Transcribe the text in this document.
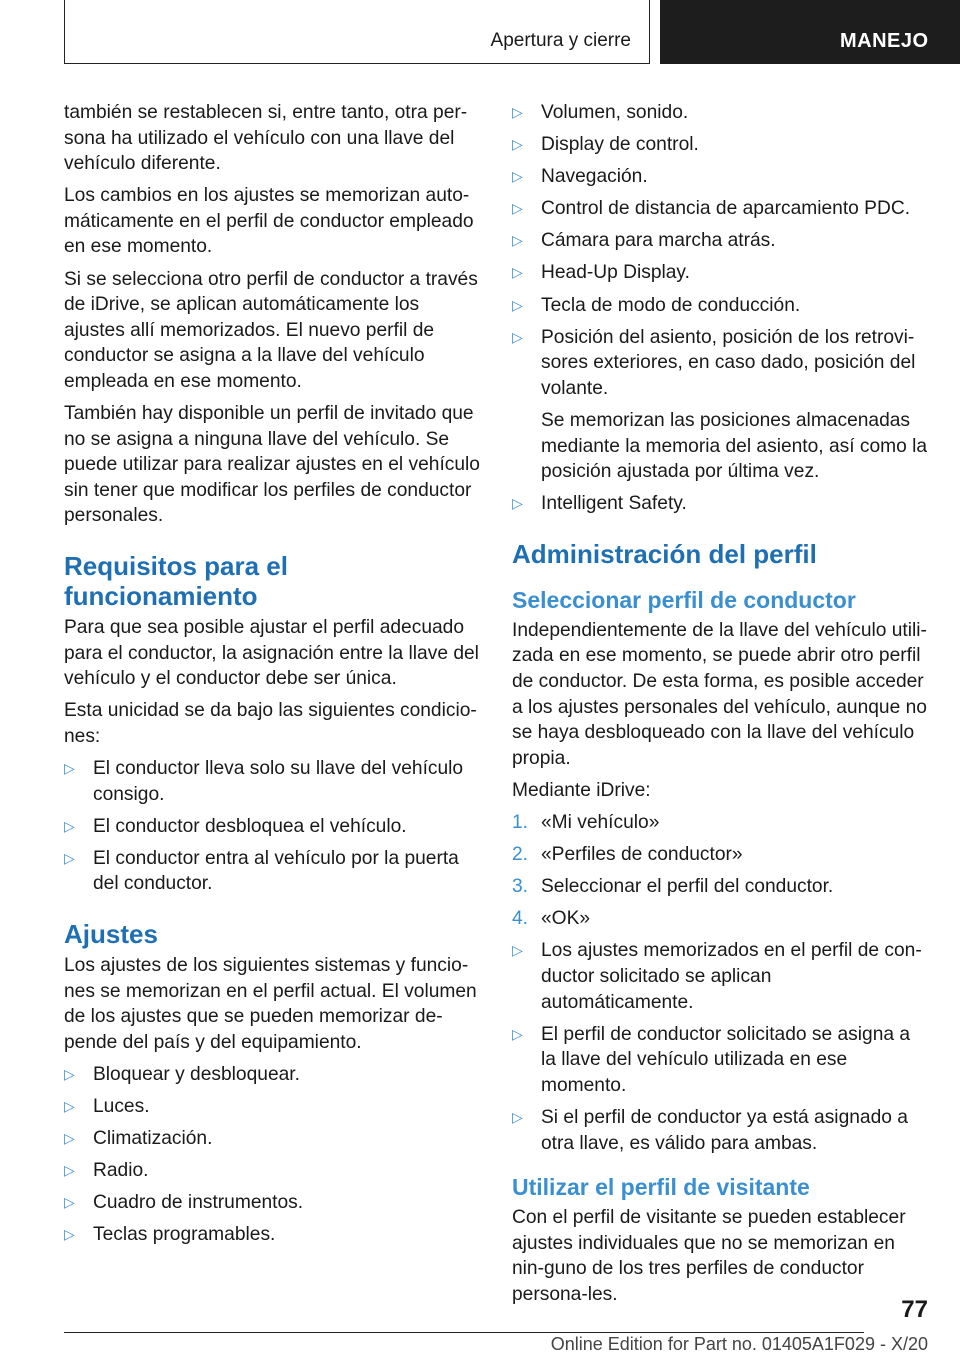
Apertura y cierre	MANEJO

también se restablecen si, entre tanto, otra per-sona ha utilizado el vehículo con una llave del vehículo diferente.

Los cambios en los ajustes se memorizan auto-máticamente en el perfil de conductor empleado en ese momento.

Si se selecciona otro perfil de conductor a través de iDrive, se aplican automáticamente los ajustes allí memorizados. El nuevo perfil de conductor se asigna a la llave del vehículo empleada en ese momento.

También hay disponible un perfil de invitado que no se asigna a ninguna llave del vehículo. Se puede utilizar para realizar ajustes en el vehículo sin tener que modificar los perfiles de conductor personales.

Requisitos para el funcionamiento

Para que sea posible ajustar el perfil adecuado para el conductor, la asignación entre la llave del vehículo y el conductor debe ser única.

Esta unicidad se da bajo las siguientes condicio-nes:

▷ El conductor lleva solo su llave del vehículo consigo.
▷ El conductor desbloquea el vehículo.
▷ El conductor entra al vehículo por la puerta del conductor.
Ajustes

Los ajustes de los siguientes sistemas y funcio-nes se memorizan en el perfil actual. El volumen de los ajustes que se pueden memorizar de-pende del país y del equipamiento.

▷ Bloquear y desbloquear.
▷ Luces.
▷ Climatización.
▷ Radio.
▷ Cuadro de instrumentos.
▷ Teclas programables.
▷ Volumen, sonido.
▷ Display de control.
▷ Navegación.
▷ Control de distancia de aparcamiento PDC.
▷ Cámara para marcha atrás.
▷ Head-Up Display.
▷ Tecla de modo de conducción.
▷ Posición del asiento, posición de los retrovi-sores exteriores, en caso dado, posición del volante.
Se memorizan las posiciones almacenadas mediante la memoria del asiento, así como la posición ajustada por última vez.
▷ Intelligent Safety.
Administración del perfil
Seleccionar perfil de conductor

Independientemente de la llave del vehículo utili-zada en ese momento, se puede abrir otro perfil de conductor. De esta forma, es posible acceder a los ajustes personales del vehículo, aunque no se haya desbloqueado con la llave del vehículo propia.

Mediante iDrive:

1. «Mi vehículo»
2. «Perfiles de conductor»
3. Seleccionar el perfil del conductor.
4. «OK»
▷ Los ajustes memorizados en el perfil de con-ductor solicitado se aplican automáticamente.
▷ El perfil de conductor solicitado se asigna a la llave del vehículo utilizada en ese momento.
▷ Si el perfil de conductor ya está asignado a otra llave, es válido para ambas.
Utilizar el perfil de visitante

Con el perfil de visitante se pueden establecer ajustes individuales que no se memorizan en nin-guno de los tres perfiles de conductor persona-les.

77
Online Edition for Part no. 01405A1F029 - X/20
